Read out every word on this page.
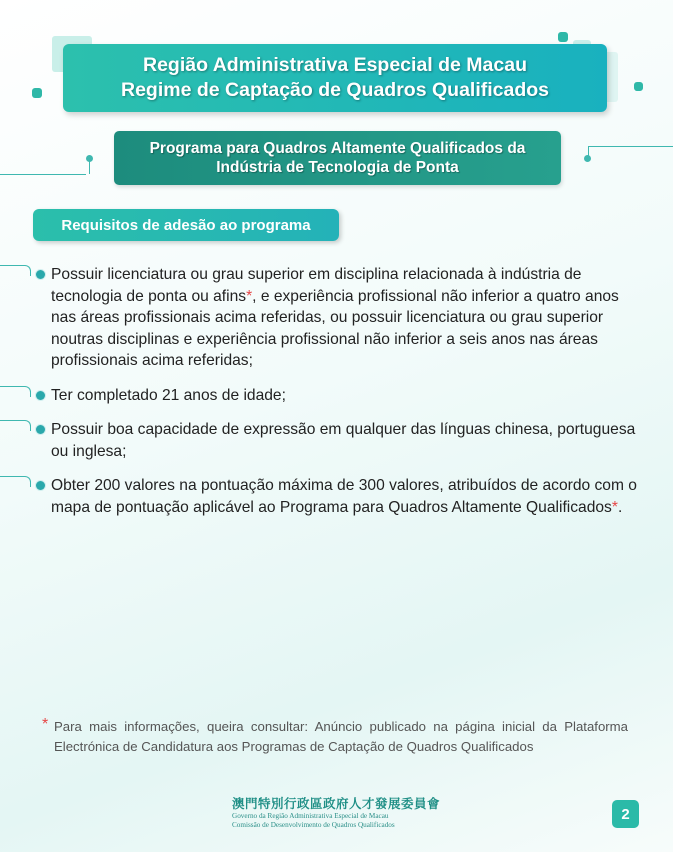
Região Administrativa Especial de Macau
Regime de Captação de Quadros Qualificados
Programa para Quadros Altamente Qualificados da
Indústria de Tecnologia de Ponta
Requisitos de adesão ao programa
Possuir licenciatura ou grau superior em disciplina relacionada à indústria de tecnologia de ponta ou afins*, e experiência profissional não inferior a quatro anos nas áreas profissionais acima referidas, ou possuir licenciatura ou grau superior noutras disciplinas e experiência profissional não inferior a seis anos nas áreas profissionais acima referidas;
Ter completado 21 anos de idade;
Possuir boa capacidade de expressão em qualquer das línguas chinesa, portuguesa ou inglesa;
Obter 200 valores na pontuação máxima de 300 valores, atribuídos de acordo com o mapa de pontuação aplicável ao Programa para Quadros Altamente Qualificados*.
* Para mais informações, queira consultar: Anúncio publicado na página inicial da Plataforma Electrónica de Candidatura aos Programas de Captação de Quadros Qualificados
澳門特別行政區政府人才發展委員會
Governo da Região Administrativa Especial de Macau
Comissão de Desenvolvimento de Quadros Qualificados
2
